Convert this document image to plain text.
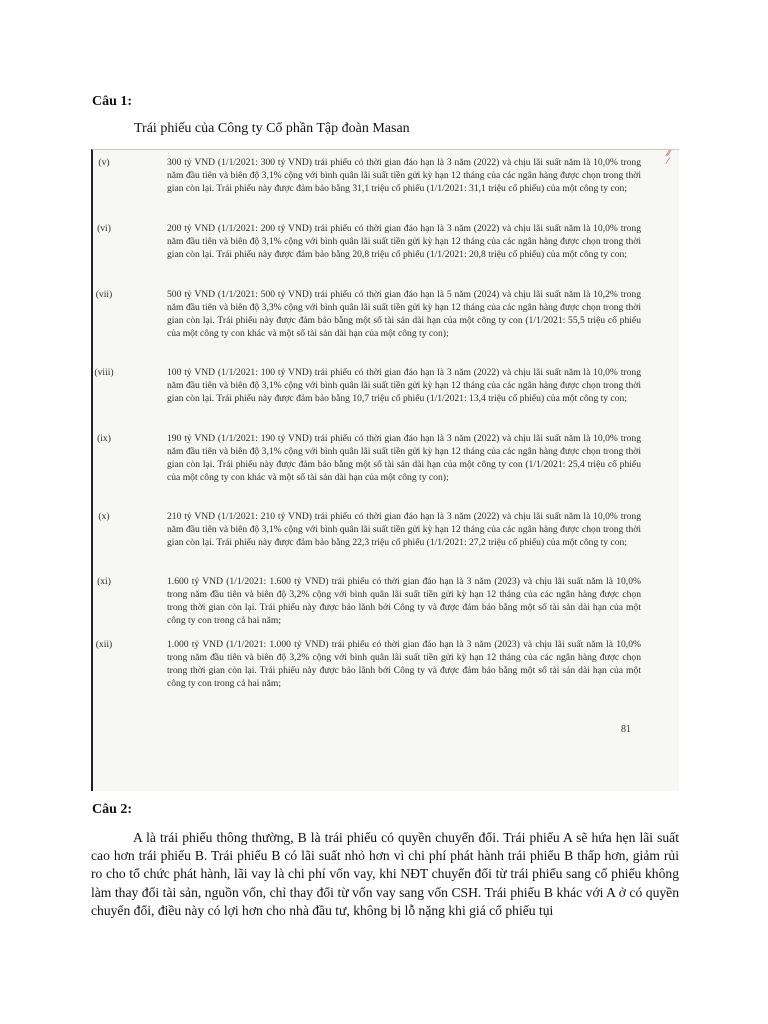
Câu 1:
Trái phiếu của Công ty Cổ phần Tập đoàn Masan
⁄⁄
⁄
(v)	300 tỷ VND (1/1/2021: 300 tỷ VND) trái phiếu có thời gian đáo hạn là 3 năm (2022) và chịu lãi suất năm là 10,0% trong năm đầu tiên và biên độ 3,1% cộng với bình quân lãi suất tiền gửi kỳ hạn 12 tháng của các ngân hàng được chọn trong thời gian còn lại. Trái phiếu này được đảm bảo bằng 31,1 triệu cổ phiếu (1/1/2021: 31,1 triệu cổ phiếu) của một công ty con;
(vi)	200 tỷ VND (1/1/2021: 200 tỷ VND) trái phiếu có thời gian đáo hạn là 3 năm (2022) và chịu lãi suất năm là 10,0% trong năm đầu tiên và biên độ 3,1% cộng với bình quân lãi suất tiền gửi kỳ hạn 12 tháng của các ngân hàng được chọn trong thời gian còn lại. Trái phiếu này được đảm bảo bằng 20,8 triệu cổ phiếu (1/1/2021: 20,8 triệu cổ phiếu) của một công ty con;
(vii)	500 tỷ VND (1/1/2021: 500 tỷ VND) trái phiếu có thời gian đáo hạn là 5 năm (2024) và chịu lãi suất năm là 10,2% trong năm đầu tiên và biên độ 3,3% cộng với bình quân lãi suất tiền gửi kỳ hạn 12 tháng của các ngân hàng được chọn trong thời gian còn lại. Trái phiếu này được đảm bảo bằng một số tài sản dài hạn của một công ty con (1/1/2021: 55,5 triệu cổ phiếu của một công ty con khác và một số tài sản dài hạn của một công ty con);
(viii)	100 tỷ VND (1/1/2021: 100 tỷ VND) trái phiếu có thời gian đáo hạn là 3 năm (2022) và chịu lãi suất năm là 10,0% trong năm đầu tiên và biên độ 3,1% cộng với bình quân lãi suất tiền gửi kỳ hạn 12 tháng của các ngân hàng được chọn trong thời gian còn lại. Trái phiếu này được đảm bảo bằng 10,7 triệu cổ phiếu (1/1/2021: 13,4 triệu cổ phiếu) của một công ty con;
(ix)	190 tỷ VND (1/1/2021: 190 tỷ VND) trái phiếu có thời gian đáo hạn là 3 năm (2022) và chịu lãi suất năm là 10,0% trong năm đầu tiên và biên độ 3,1% cộng với bình quân lãi suất tiền gửi kỳ hạn 12 tháng của các ngân hàng được chọn trong thời gian còn lại. Trái phiếu này được đảm bảo bằng một số tài sản dài hạn của một công ty con (1/1/2021: 25,4 triệu cổ phiếu của một công ty con khác và một số tài sản dài hạn của một công ty con);
(x)	210 tỷ VND (1/1/2021: 210 tỷ VND) trái phiếu có thời gian đáo hạn là 3 năm (2022) và chịu lãi suất năm là 10,0% trong năm đầu tiên và biên độ 3,1% cộng với bình quân lãi suất tiền gửi kỳ hạn 12 tháng của các ngân hàng được chọn trong thời gian còn lại. Trái phiếu này được đảm bảo bằng 22,3 triệu cổ phiếu (1/1/2021: 27,2 triệu cổ phiếu) của một công ty con;
(xi)	1.600 tỷ VND (1/1/2021: 1.600 tỷ VND) trái phiếu có thời gian đáo hạn là 3 năm (2023) và chịu lãi suất năm là 10,0% trong năm đầu tiên và biên độ 3,2% cộng với bình quân lãi suất tiền gửi kỳ hạn 12 tháng của các ngân hàng được chọn trong thời gian còn lại. Trái phiếu này được bảo lãnh bởi Công ty và được đảm bảo bằng một số tài sản dài hạn của một công ty con trong cả hai năm;
(xii)	1.000 tỷ VND (1/1/2021: 1.000 tỷ VND) trái phiếu có thời gian đáo hạn là 3 năm (2023) và chịu lãi suất năm là 10,0% trong năm đầu tiên và biên độ 3,2% cộng với bình quân lãi suất tiền gửi kỳ hạn 12 tháng của các ngân hàng được chọn trong thời gian còn lại. Trái phiếu này được bảo lãnh bởi Công ty và được đảm bảo bằng một số tài sản dài hạn của một công ty con trong cả hai năm;
81
Câu 2:
A là trái phiếu thông thường, B là trái phiếu có quyền chuyển đổi. Trái phiếu A sẽ hứa hẹn lãi suất cao hơn trái phiếu B. Trái phiếu B có lãi suất nhỏ hơn vì chi phí phát hành trái phiếu B thấp hơn, giảm rủi ro cho tổ chức phát hành, lãi vay là chi phí vốn vay, khi NĐT chuyển đổi từ trái phiếu sang cổ phiếu không làm thay đổi tài sản, nguồn vốn, chỉ thay đổi từ vốn vay sang vốn CSH. Trái phiếu B khác với A ở có quyền chuyển đổi, điều này có lợi hơn cho nhà đầu tư, không bị lỗ nặng khi giá cổ phiếu tụi
